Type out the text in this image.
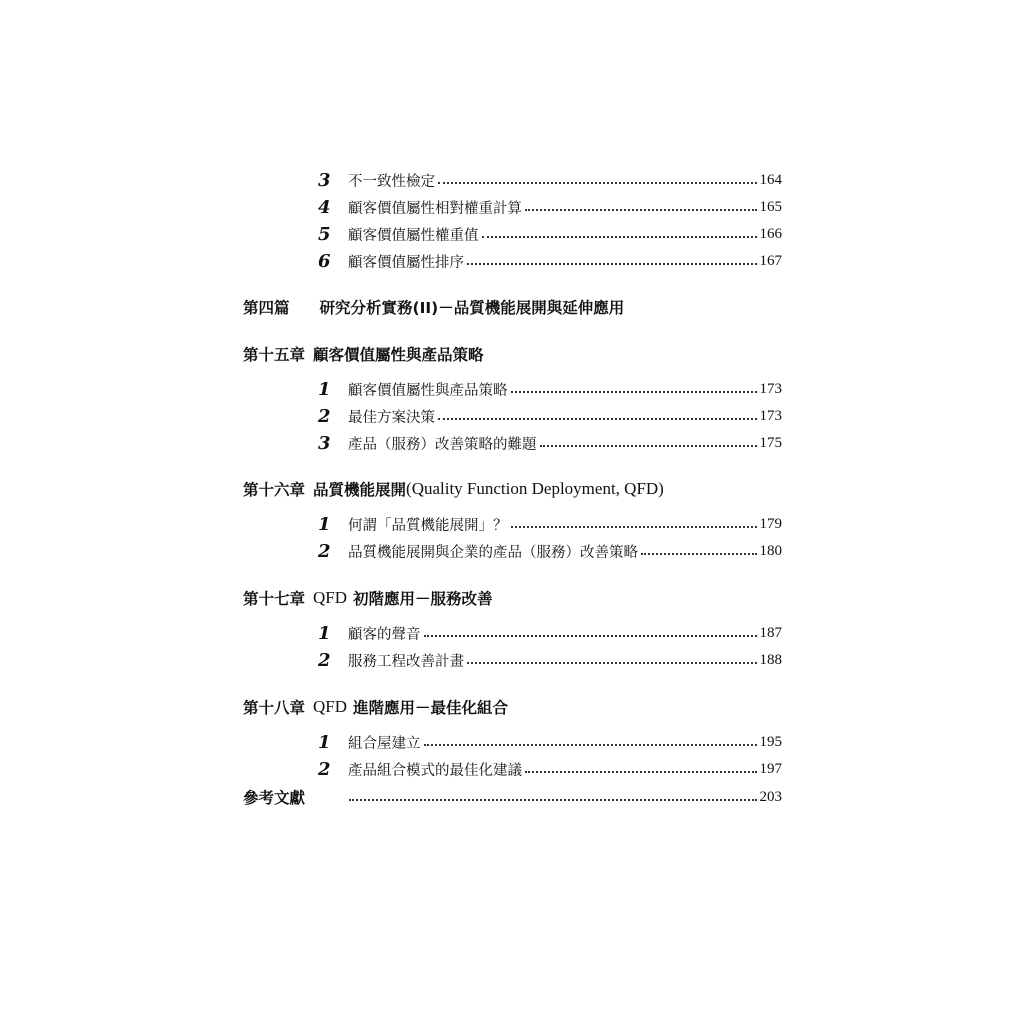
3	不一致性檢定	164
4	顧客價值屬性相對權重計算	165
5	顧客價值屬性權重值	166
6	顧客價值屬性排序	167
第四篇 研究分析實務(II)－品質機能展開與延伸應用
第十五章 顧客價值屬性與產品策略
1	顧客價值屬性與產品策略	173
2	最佳方案決策	173
3	產品（服務）改善策略的難題	175
第十六章 品質機能展開 (Quality Function Deployment, QFD)
1	何謂「品質機能展開」？	179
2	品質機能展開與企業的產品（服務）改善策略	180
第十七章 QFD 初階應用－服務改善
1	顧客的聲音	187
2	服務工程改善計畫	188
第十八章 QFD 進階應用－最佳化組合
1	組合屋建立	195
2	產品組合模式的最佳化建議	197
參考文獻	203
